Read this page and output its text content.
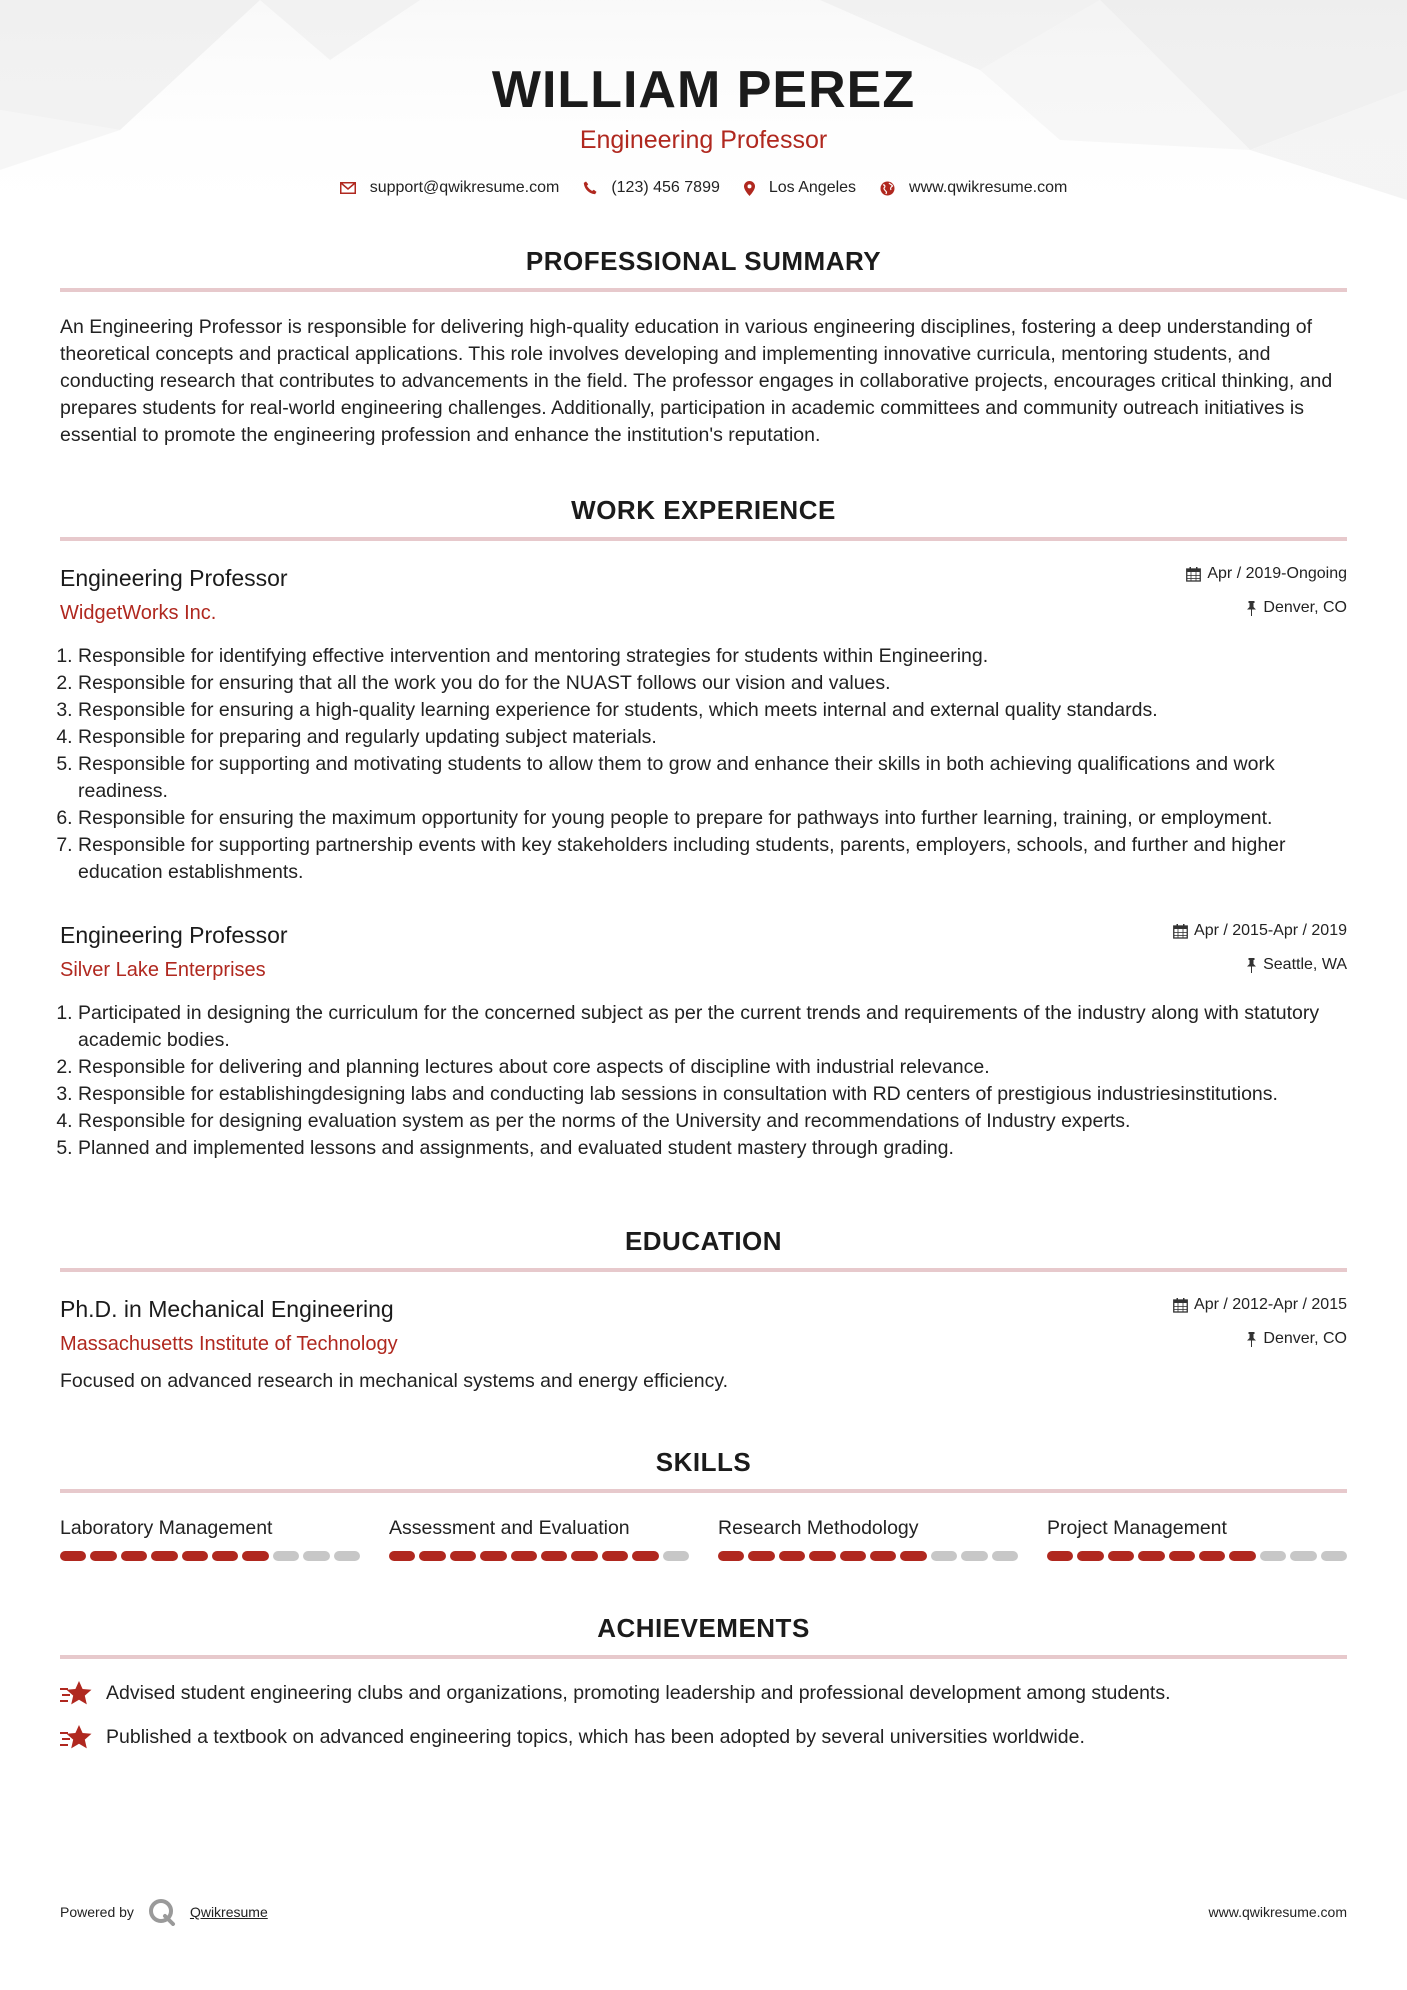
WILLIAM PEREZ
Engineering Professor
support@qwikresume.com	(123) 456 7899	Los Angeles	www.qwikresume.com
PROFESSIONAL SUMMARY
An Engineering Professor is responsible for delivering high-quality education in various engineering disciplines, fostering a deep understanding of theoretical concepts and practical applications. This role involves developing and implementing innovative curricula, mentoring students, and conducting research that contributes to advancements in the field. The professor engages in collaborative projects, encourages critical thinking, and prepares students for real-world engineering challenges. Additionally, participation in academic committees and community outreach initiatives is essential to promote the engineering profession and enhance the institution's reputation.
WORK EXPERIENCE
Engineering Professor
WidgetWorks Inc.
Apr / 2019-Ongoing
Denver, CO
1. Responsible for identifying effective intervention and mentoring strategies for students within Engineering.
2. Responsible for ensuring that all the work you do for the NUAST follows our vision and values.
3. Responsible for ensuring a high-quality learning experience for students, which meets internal and external quality standards.
4. Responsible for preparing and regularly updating subject materials.
5. Responsible for supporting and motivating students to allow them to grow and enhance their skills in both achieving qualifications and work readiness.
6. Responsible for ensuring the maximum opportunity for young people to prepare for pathways into further learning, training, or employment.
7. Responsible for supporting partnership events with key stakeholders including students, parents, employers, schools, and further and higher education establishments.
Engineering Professor
Silver Lake Enterprises
Apr / 2015-Apr / 2019
Seattle, WA
1. Participated in designing the curriculum for the concerned subject as per the current trends and requirements of the industry along with statutory academic bodies.
2. Responsible for delivering and planning lectures about core aspects of discipline with industrial relevance.
3. Responsible for establishingdesigning labs and conducting lab sessions in consultation with RD centers of prestigious industriesinstitutions.
4. Responsible for designing evaluation system as per the norms of the University and recommendations of Industry experts.
5. Planned and implemented lessons and assignments, and evaluated student mastery through grading.
EDUCATION
Ph.D. in Mechanical Engineering
Massachusetts Institute of Technology
Apr / 2012-Apr / 2015
Denver, CO
Focused on advanced research in mechanical systems and energy efficiency.
SKILLS
Laboratory Management	Assessment and Evaluation	Research Methodology	Project Management
ACHIEVEMENTS
Advised student engineering clubs and organizations, promoting leadership and professional development among students.
Published a textbook on advanced engineering topics, which has been adopted by several universities worldwide.
Powered by	Qwikresume	www.qwikresume.com
